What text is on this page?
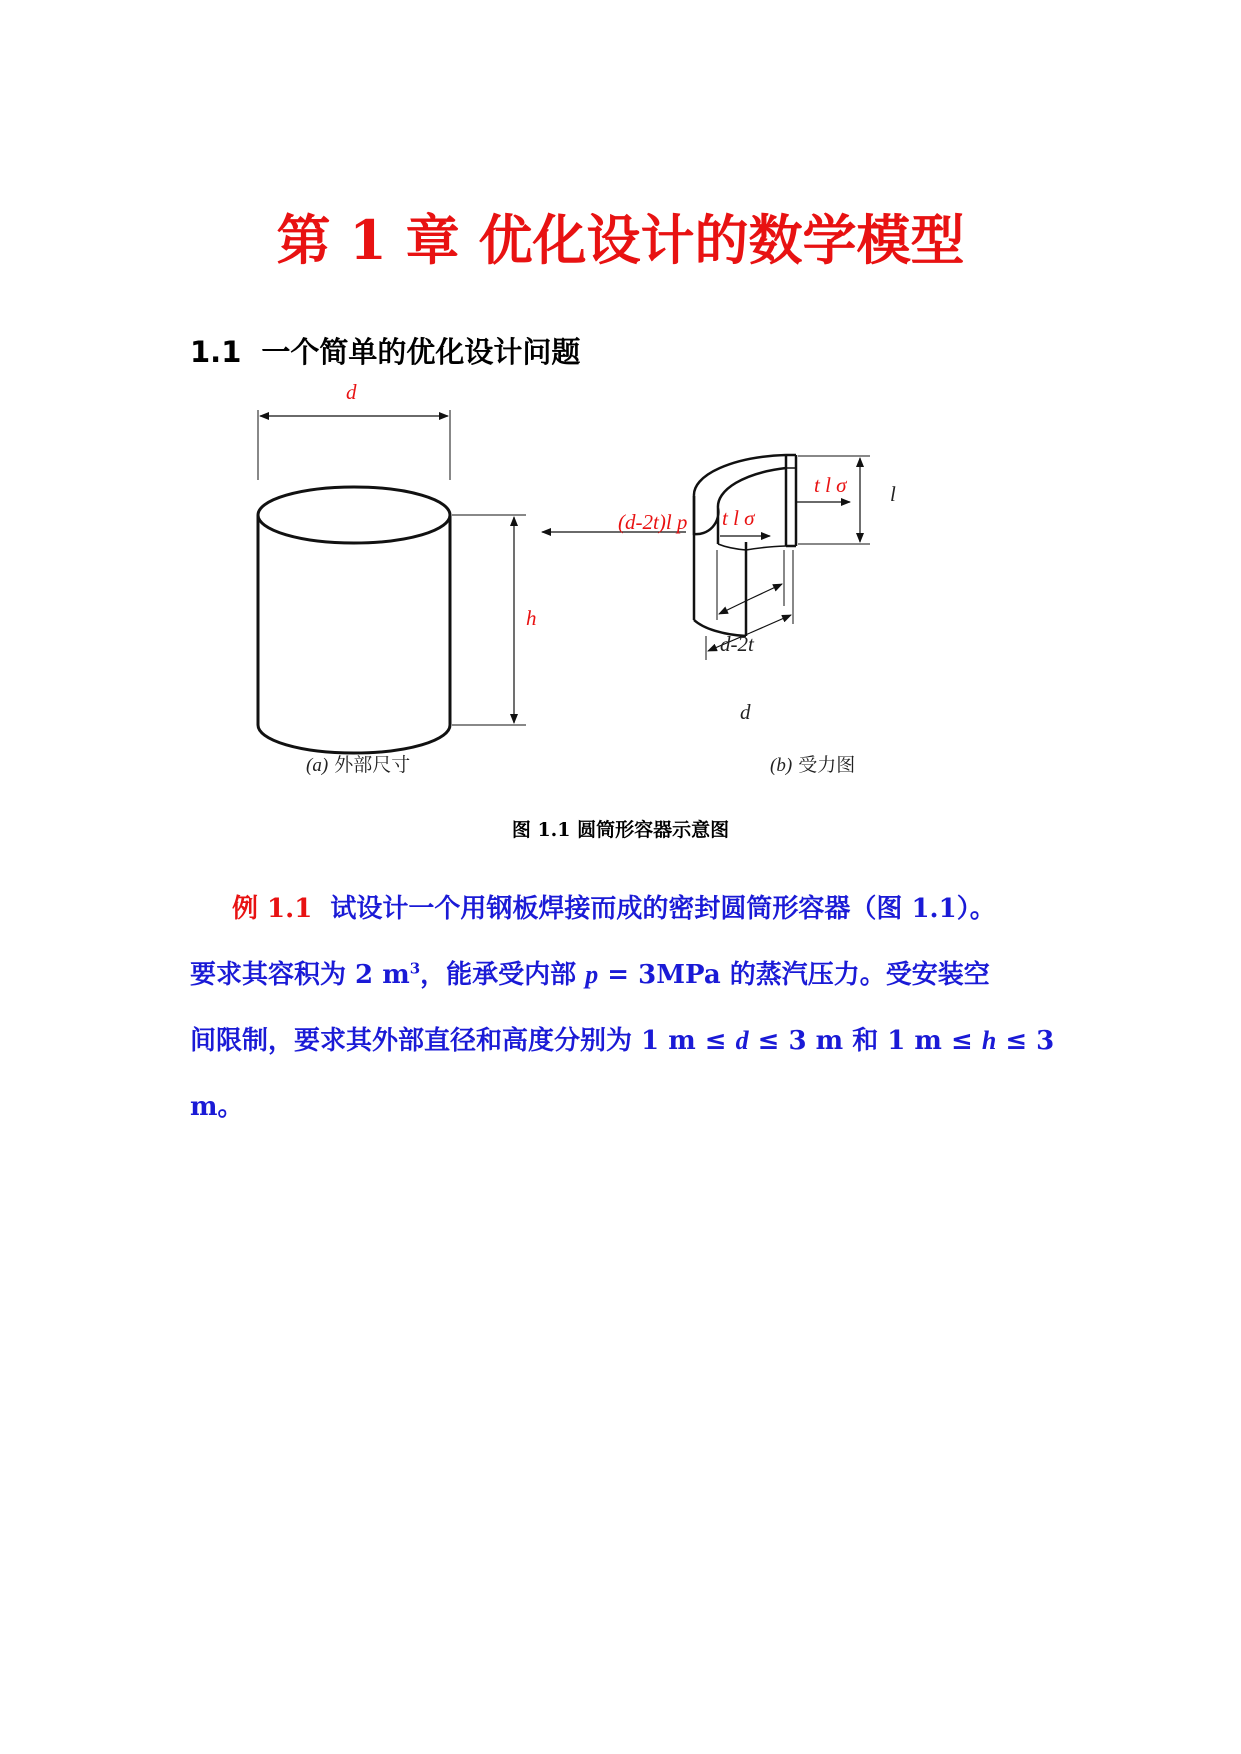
第 1 章 优化设计的数学模型
1.1 一个简单的优化设计问题
d
h
(d-2t)l p
t l σ
t l σ
l
d-2t
d
(a) 外部尺寸	(b) 受力图
图 1.1 圆筒形容器示意图
例 1.1 试设计一个用钢板焊接而成的密封圆筒形容器（图 1.1）。
要求其容积为 2 $m^3$，能承受内部 p = 3MPa 的蒸汽压力。受安装空
间限制，要求其外部直径和高度分别为 1 m ≤ d ≤ 3 m 和 1 m ≤ h ≤ 3
m。
